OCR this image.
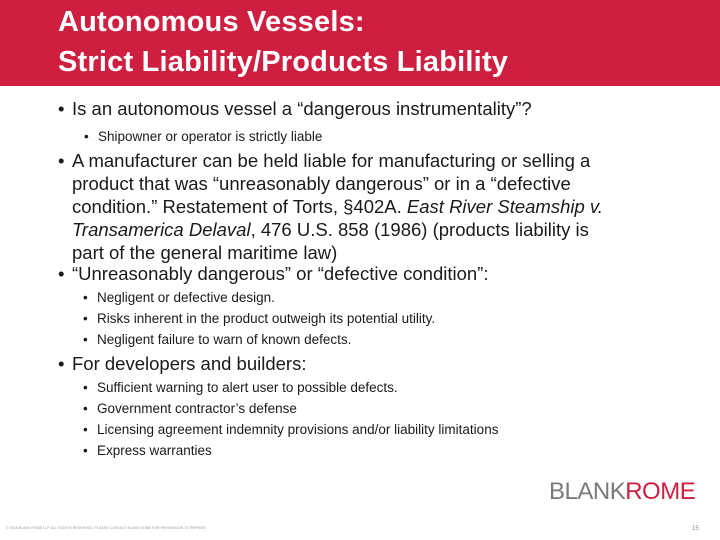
Autonomous Vessels:
Strict Liability/Products Liability
• Is an autonomous vessel a “dangerous instrumentality”?
• Shipowner or operator is strictly liable
• A manufacturer can be held liable for manufacturing or selling a
product that was “unreasonably dangerous” or in a “defective
condition.” Restatement of Torts, §402A. East River Steamship v.
Transamerica Delaval, 476 U.S. 858 (1986) (products liability is
part of the general maritime law)
• “Unreasonably dangerous” or “defective condition”:
• Negligent or defective design.
• Risks inherent in the product outweigh its potential utility.
• Negligent failure to warn of known defects.
• For developers and builders:
• Sufficient warning to alert user to possible defects.
• Government contractor’s defense
• Licensing agreement indemnity provisions and/or liability limitations
• Express warranties
BLANKROME
© 2018 BLANK ROME LLP. ALL RIGHTS RESERVED. PLEASE CONTACT BLANK ROME FOR PERMISSION TO REPRINT.	15
